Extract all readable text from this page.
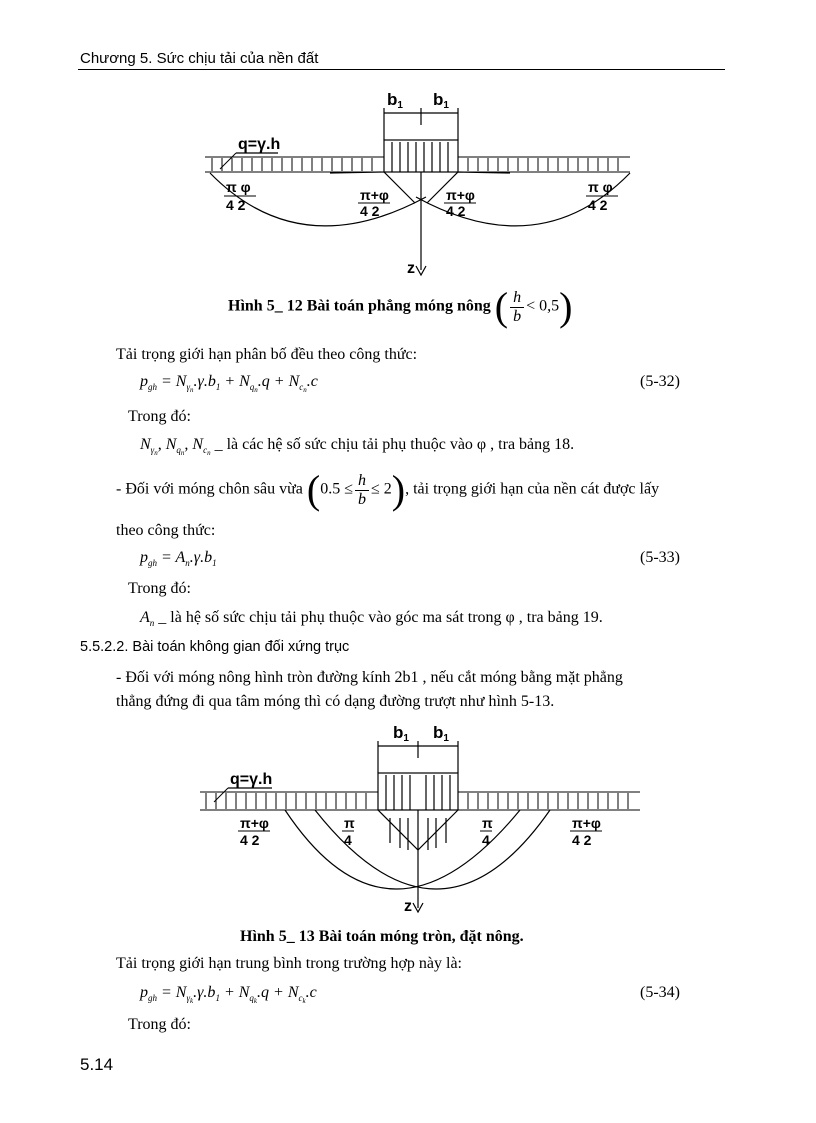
Chương 5. Sức chịu tải của nền đất
b1 b1
q=γ.h
π φ
4 2
π+φ
4 2
π+φ
4 2
π φ
4 2
z
Hình 5_ 12 Bài toán phẳng móng nông ( $\frac{h}{b} < 0,5$)
Tải trọng giới hạn phân bố đều theo công thức:
$p_{gh} = N_{\gamma_n}.\gamma.b_1 + N_{q_n}.q + N_{c_n}.c$	(5-32)
Trong đó:
$N_{\gamma_n}$, $N_{q_n}$, $N_{c_n}$ _ là các hệ số sức chịu tải phụ thuộc vào φ , tra bảng 18.
- Đối với móng chôn sâu vừa $(0.5 \le \frac{h}{b} \le 2)$, tải trọng giới hạn của nền cát được lấy
theo công thức:
$p_{gh} = A_n.\gamma.b_1$	(5-33)
Trong đó:
$A_n$ _ là hệ số sức chịu tải phụ thuộc vào góc ma sát trong φ , tra bảng 19.
5.5.2.2. Bài toán không gian đối xứng trục
- Đối với móng nông hình tròn đường kính 2b1 , nếu cắt móng bằng mặt phẳng
thẳng đứng đi qua tâm móng thì có dạng đường trượt như hình 5-13.
b1 b1
q=γ.h
π+φ
4 2
π
4
π
4
π+φ
4 2
z
Hình 5_ 13 Bài toán móng tròn, đặt nông.
Tải trọng giới hạn trung bình trong trường hợp này là:
$p_{gh} = N_{\gamma_k}.\gamma.b_1 + N_{q_k}.q + N_{c_k}.c$	(5-34)
Trong đó:
5.14
